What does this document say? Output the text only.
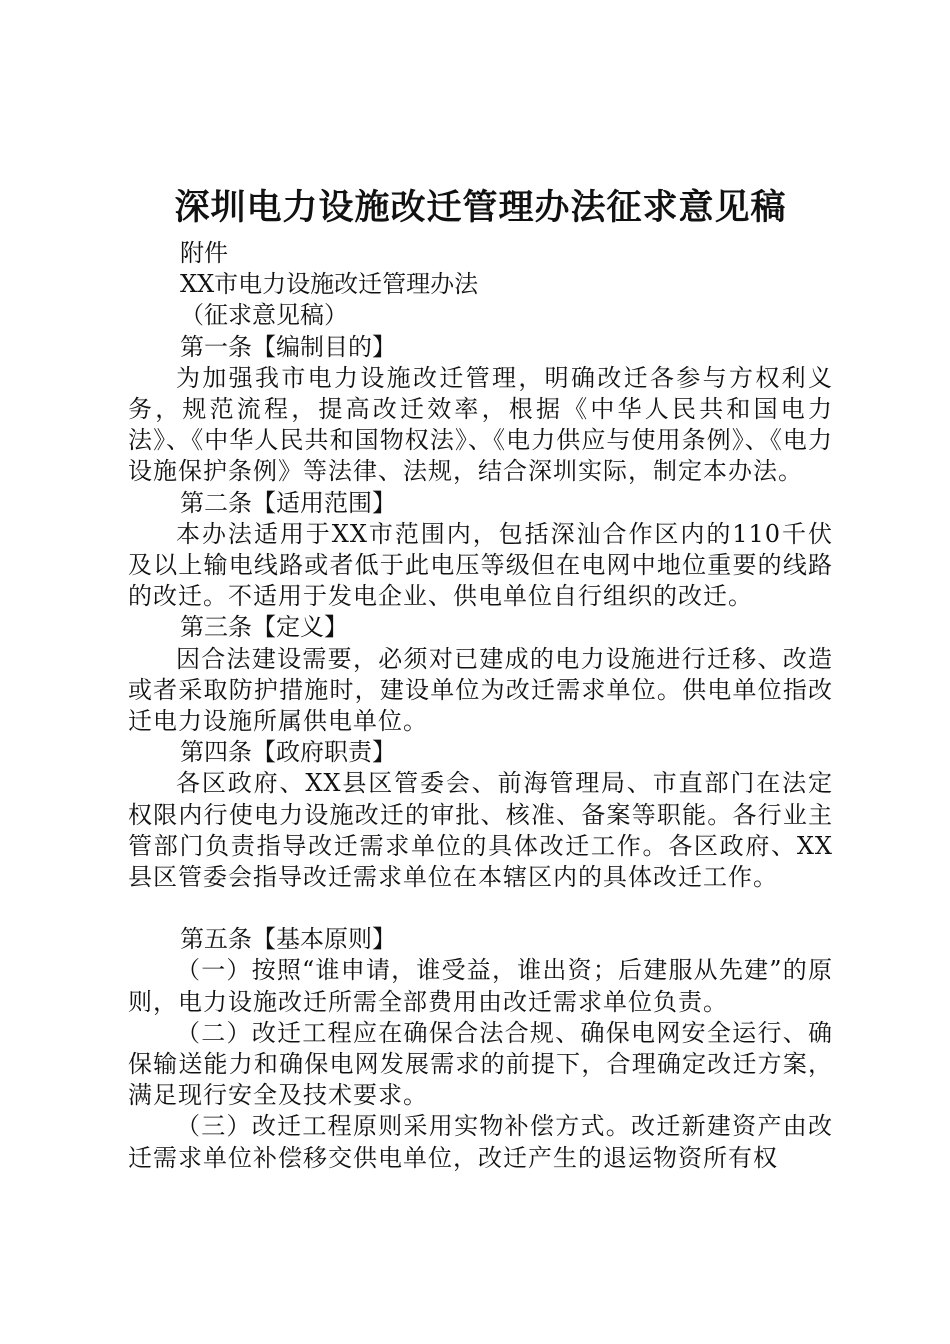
深圳电力设施改迁管理办法征求意见稿

附件

XX市电力设施改迁管理办法

（征求意见稿）

第一条【编制目的】

为加强我市电力设施改迁管理，明确改迁各参与方权利义务，规范流程，提高改迁效率，根据《中华人民共和国电力法》、《中华人民共和国物权法》、《电力供应与使用条例》、《电力设施保护条例》等法律、法规，结合深圳实际，制定本办法。

第二条【适用范围】

本办法适用于XX市范围内，包括深汕合作区内的110千伏及以上输电线路或者低于此电压等级但在电网中地位重要的线路的改迁。不适用于发电企业、供电单位自行组织的改迁。

第三条【定义】

因合法建设需要，必须对已建成的电力设施进行迁移、改造或者采取防护措施时，建设单位为改迁需求单位。供电单位指改迁电力设施所属供电单位。

第四条【政府职责】

各区政府、XX县区管委会、前海管理局、市直部门在法定权限内行使电力设施改迁的审批、核准、备案等职能。各行业主管部门负责指导改迁需求单位的具体改迁工作。各区政府、XX县区管委会指导改迁需求单位在本辖区内的具体改迁工作。

第五条【基本原则】

（一）按照“谁申请，谁受益，谁出资；后建服从先建”的原则，电力设施改迁所需全部费用由改迁需求单位负责。

（二）改迁工程应在确保合法合规、确保电网安全运行、确保输送能力和确保电网发展需求的前提下，合理确定改迁方案，满足现行安全及技术要求。

（三）改迁工程原则采用实物补偿方式。改迁新建资产由改迁需求单位补偿移交供电单位，改迁产生的退运物资所有权
